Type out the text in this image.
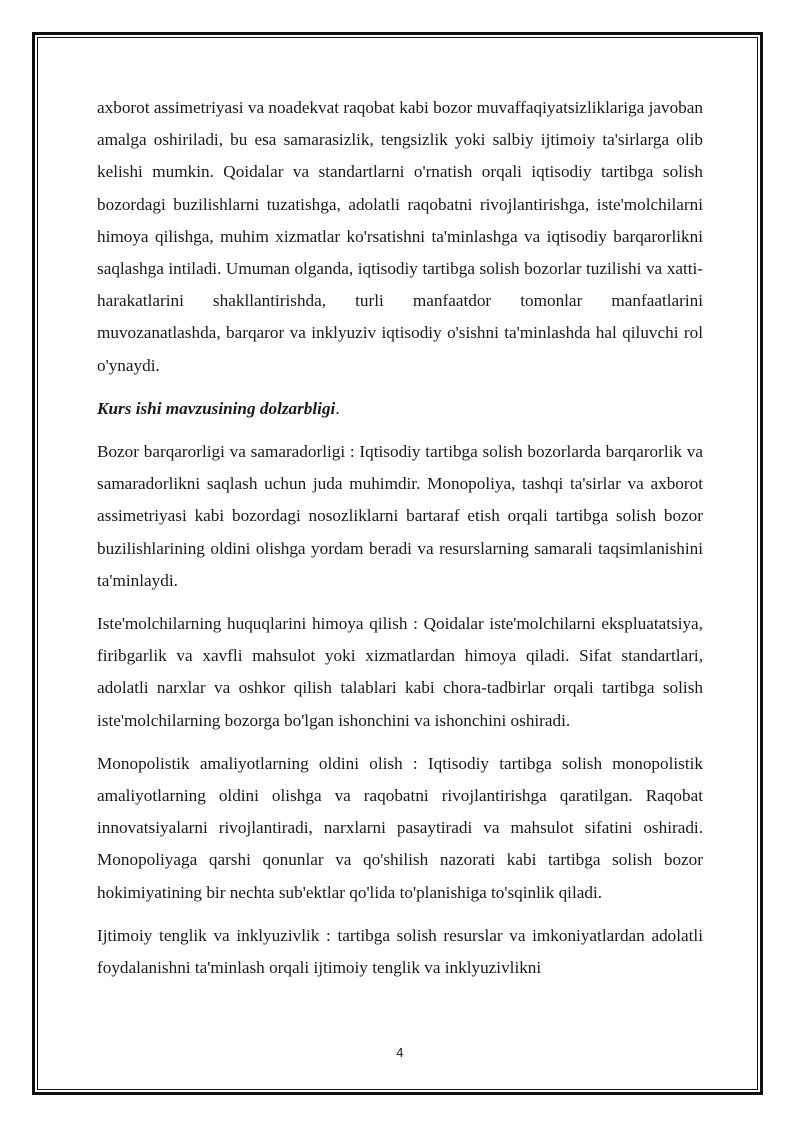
axborot assimetriyasi va noadekvat raqobat kabi bozor muvaffaqiyatsizliklariga javoban amalga oshiriladi, bu esa samarasizlik, tengsizlik yoki salbiy ijtimoiy ta'sirlarga olib kelishi mumkin. Qoidalar va standartlarni o'rnatish orqali iqtisodiy tartibga solish bozordagi buzilishlarni tuzatishga, adolatli raqobatni rivojlantirishga, iste'molchilarni himoya qilishga, muhim xizmatlar ko'rsatishni ta'minlashga va iqtisodiy barqarorlikni saqlashga intiladi. Umuman olganda, iqtisodiy tartibga solish bozorlar tuzilishi va xatti-harakatlarini shakllantirishda, turli manfaatdor tomonlar manfaatlarini muvozanatlashda, barqaror va inklyuziv iqtisodiy o'sishni ta'minlashda hal qiluvchi rol o'ynaydi.

Kurs ishi mavzusining dolzarbligi.

Bozor barqarorligi va samaradorligi : Iqtisodiy tartibga solish bozorlarda barqarorlik va samaradorlikni saqlash uchun juda muhimdir. Monopoliya, tashqi ta'sirlar va axborot assimetriyasi kabi bozordagi nosozliklarni bartaraf etish orqali tartibga solish bozor buzilishlarining oldini olishga yordam beradi va resurslarning samarali taqsimlanishini ta'minlaydi.

Iste'molchilarning huquqlarini himoya qilish : Qoidalar iste'molchilarni ekspluatatsiya, firibgarlik va xavfli mahsulot yoki xizmatlardan himoya qiladi. Sifat standartlari, adolatli narxlar va oshkor qilish talablari kabi chora-tadbirlar orqali tartibga solish iste'molchilarning bozorga bo'lgan ishonchini va ishonchini oshiradi.

Monopolistik amaliyotlarning oldini olish : Iqtisodiy tartibga solish monopolistik amaliyotlarning oldini olishga va raqobatni rivojlantirishga qaratilgan. Raqobat innovatsiyalarni rivojlantiradi, narxlarni pasaytiradi va mahsulot sifatini oshiradi. Monopoliyaga qarshi qonunlar va qo'shilish nazorati kabi tartibga solish bozor hokimiyatining bir nechta sub'ektlar qo'lida to'planishiga to'sqinlik qiladi.

Ijtimoiy tenglik va inklyuzivlik : tartibga solish resurslar va imkoniyatlardan adolatli foydalanishni ta'minlash orqali ijtimoiy tenglik va inklyuzivlikni

4
